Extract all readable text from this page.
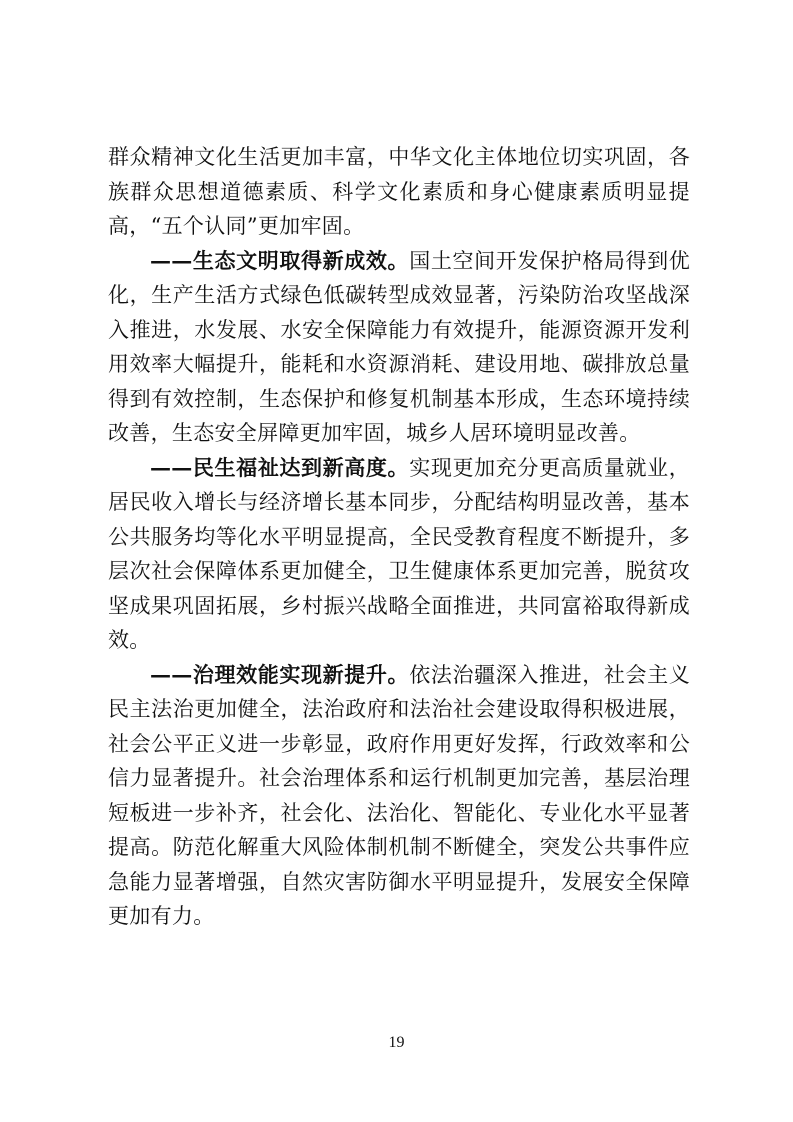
群众精神文化生活更加丰富，中华文化主体地位切实巩固，各族群众思想道德素质、科学文化素质和身心健康素质明显提高，“五个认同”更加牢固。

——生态文明取得新成效。国土空间开发保护格局得到优化，生产生活方式绿色低碳转型成效显著，污染防治攻坚战深入推进，水发展、水安全保障能力有效提升，能源资源开发利用效率大幅提升，能耗和水资源消耗、建设用地、碳排放总量得到有效控制，生态保护和修复机制基本形成，生态环境持续改善，生态安全屏障更加牢固，城乡人居环境明显改善。

——民生福祉达到新高度。实现更加充分更高质量就业，居民收入增长与经济增长基本同步，分配结构明显改善，基本公共服务均等化水平明显提高，全民受教育程度不断提升，多层次社会保障体系更加健全，卫生健康体系更加完善，脱贫攻坚成果巩固拓展，乡村振兴战略全面推进，共同富裕取得新成效。

——治理效能实现新提升。依法治疆深入推进，社会主义民主法治更加健全，法治政府和法治社会建设取得积极进展，社会公平正义进一步彰显，政府作用更好发挥，行政效率和公信力显著提升。社会治理体系和运行机制更加完善，基层治理短板进一步补齐，社会化、法治化、智能化、专业化水平显著提高。防范化解重大风险体制机制不断健全，突发公共事件应急能力显著增强，自然灾害防御水平明显提升，发展安全保障更加有力。

19
